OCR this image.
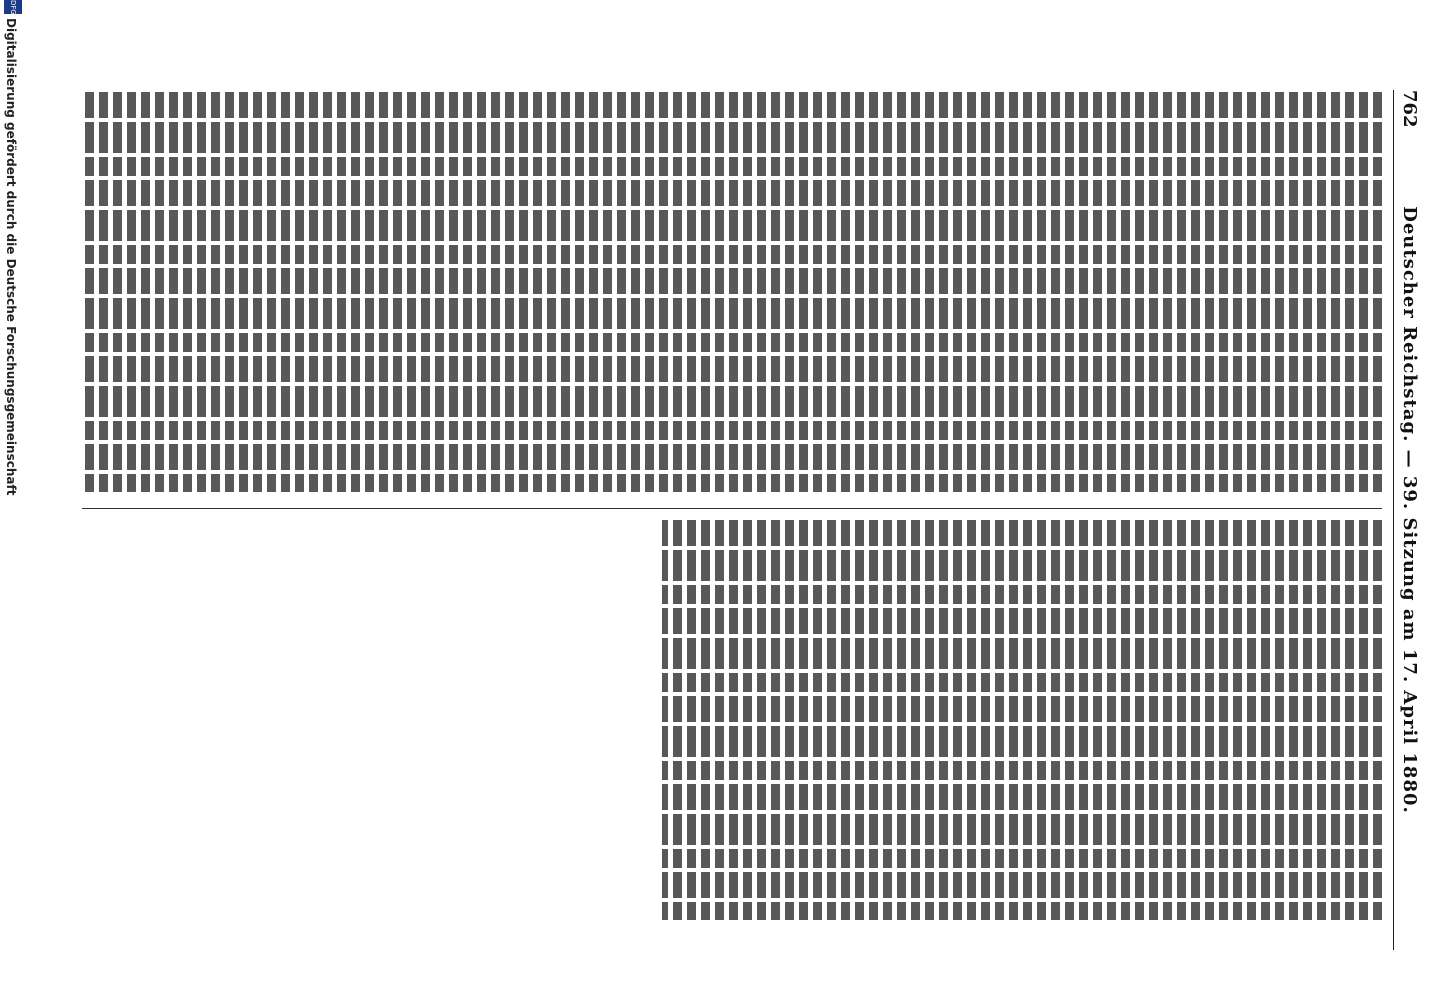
762
Deutscher Reichstag. — 39. Sitzung am 17. April 1880.
DFG
Digitalisierung gefördert durch die Deutsche Forschungsgemeinschaft
